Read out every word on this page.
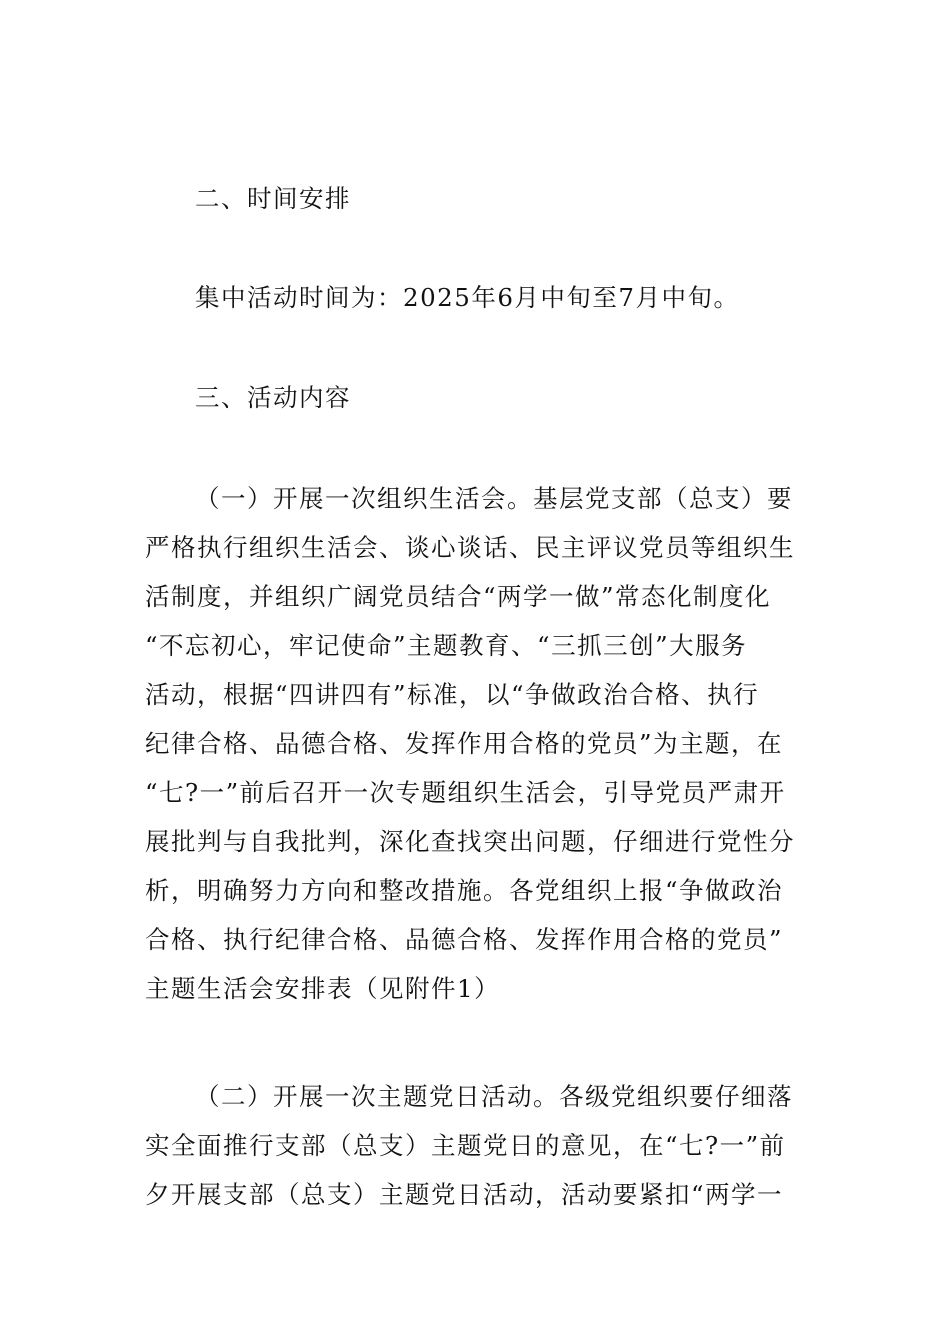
二、时间安排

集中活动时间为：2025年6月中旬至7月中旬。

三、活动内容

（一）开展一次组织生活会。基层党支部（总支）要
严格执行组织生活会、谈心谈话、民主评议党员等组织生
活制度，并组织广阔党员结合“两学一做”常态化制度化
“不忘初心，牢记使命”主题教育、“三抓三创”大服务
活动，根据“四讲四有”标准，以“争做政治合格、执行
纪律合格、品德合格、发挥作用合格的党员”为主题，在
“七?一”前后召开一次专题组织生活会，引导党员严肃开
展批判与自我批判，深化查找突出问题，仔细进行党性分
析，明确努力方向和整改措施。各党组织上报“争做政治
合格、执行纪律合格、品德合格、发挥作用合格的党员”
主题生活会安排表（见附件1）
（二）开展一次主题党日活动。各级党组织要仔细落
实全面推行支部（总支）主题党日的意见，在“七?一”前
夕开展支部（总支）主题党日活动，活动要紧扣“两学一
